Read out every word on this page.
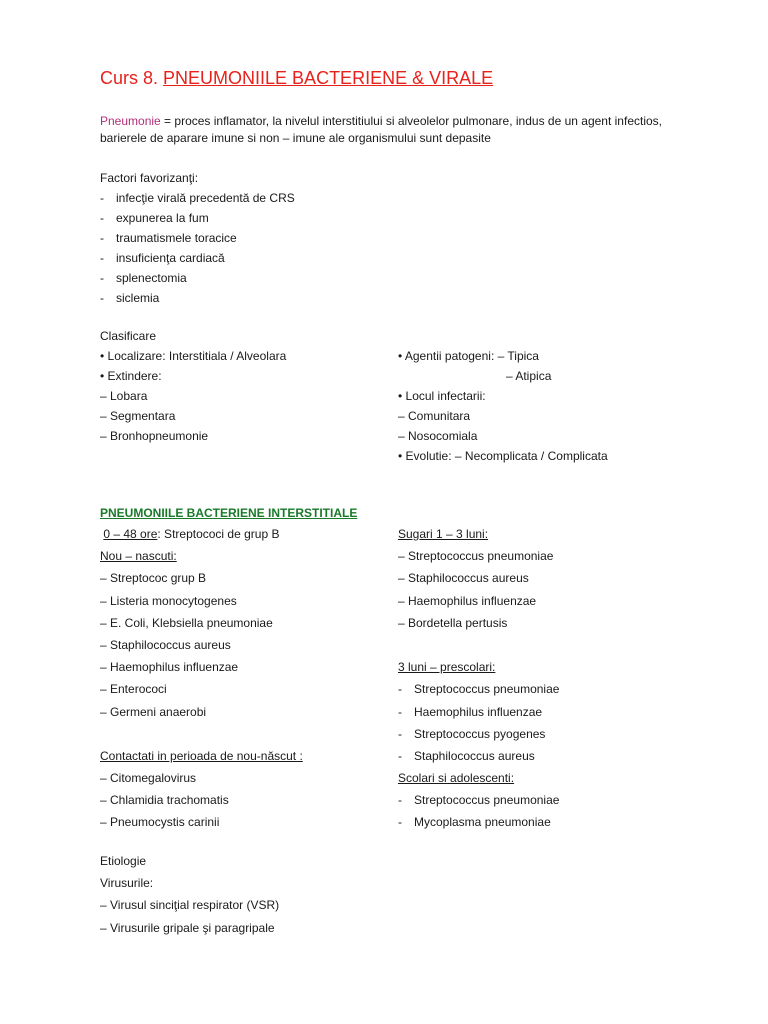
Curs 8. PNEUMONIILE BACTERIENE & VIRALE
Pneumonie = proces inflamator, la nivelul interstitiului si alveolelor pulmonare, indus de un agent infectios, barierele de aparare imune si non – imune ale organismului sunt depasite
Factori favorizanţi:
- infecţie virală precedentă de CRS
- expunerea la fum
- traumatismele toracice
- insuficienţa cardiacă
- splenectomia
- siclemia
Clasificare
• Localizare: Interstitiala / Alveolara
• Extindere:
– Lobara
– Segmentara
– Bronhopneumonie
• Agentii patogeni: – Tipica
– Atipica
• Locul infectarii:
– Comunitara
– Nosocomiala
• Evolutie: – Necomplicata / Complicata
PNEUMONIILE BACTERIENE INTERSTITIALE
0 – 48 ore: Streptococi de grup B
Nou – nascuti:
– Streptococ grup B
– Listeria monocytogenes
– E. Coli, Klebsiella pneumoniae
– Staphilococcus aureus
– Haemophilus influenzae
– Enterococi
– Germeni anaerobi
Contactati in perioada de nou-născut :
– Citomegalovirus
– Chlamidia trachomatis
– Pneumocystis carinii
Sugari 1 – 3 luni:
– Streptococcus pneumoniae
– Staphilococcus aureus
– Haemophilus influenzae
– Bordetella pertusis
3 luni – prescolari:
- Streptococcus pneumoniae
- Haemophilus influenzae
- Streptococcus pyogenes
- Staphilococcus aureus
Scolari si adolescenti:
- Streptococcus pneumoniae
- Mycoplasma pneumoniae
Etiologie
Virusurile:
– Virusul sinciţial respirator (VSR)
– Virusurile gripale şi paragripale
